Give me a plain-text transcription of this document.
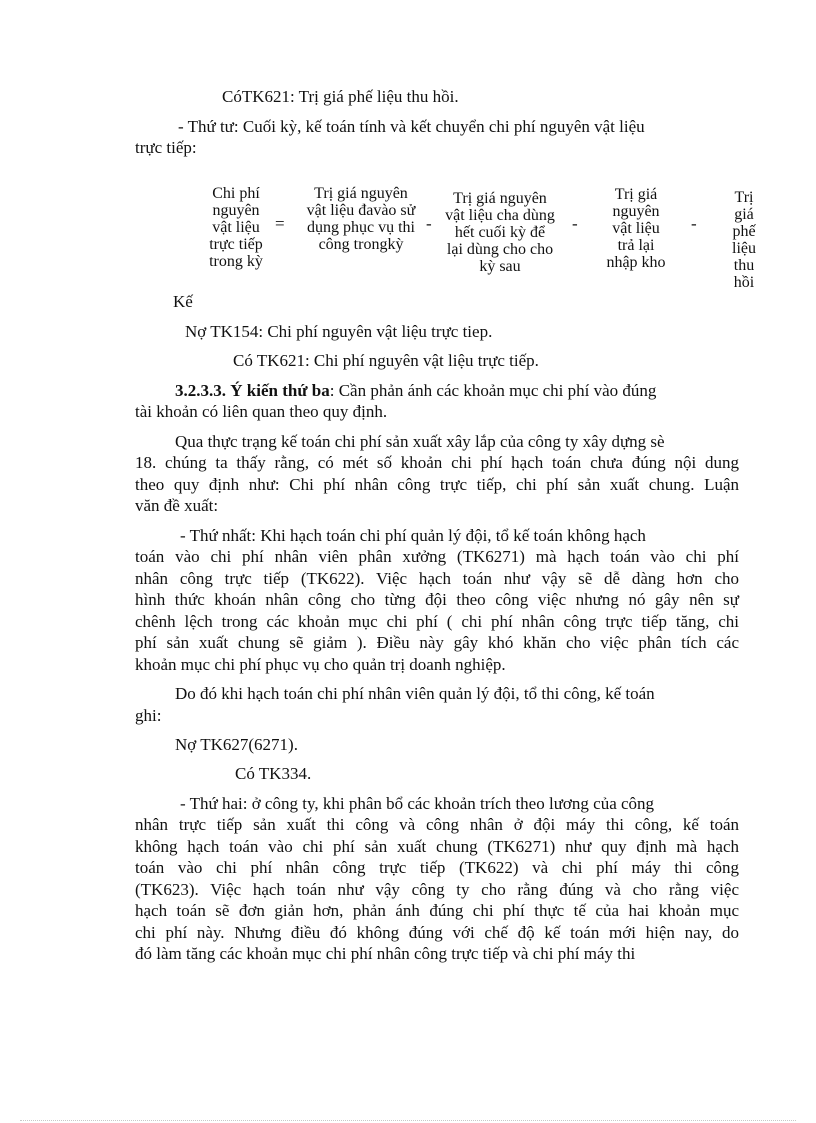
CóTK621: Trị giá phế liệu thu hồi.
- Thứ tư: Cuối kỳ, kế toán tính và kết chuyển chi phí nguyên vật liệu
trực tiếp:
Kế
Chi phí nguyên vật liệu trực tiếp trong kỳ
=
Trị giá nguyên vật liệu đavào sử dụng phục vụ thi công trongkỳ
-
Trị giá nguyên vật liệu cha dùng hết cuối kỳ để lại dùng cho cho kỳ sau
-
Trị giá nguyên vật liệu trả lại nhập kho
-
Trị giá phế liệu thu hồi
Nợ TK154: Chi phí nguyên vật liệu trực tiep.
Có TK621: Chi phí nguyên vật liệu trực tiếp.
3.2.3.3. Ý kiến thứ ba: Cần phản ánh các khoản mục chi phí vào đúng
tài khoản có liên quan theo quy định.
Qua thực trạng kế toán chi phí sản xuất xây lắp của công ty xây dựng sè
18. chúng ta thấy rằng, có mét số khoản chi phí hạch toán chưa đúng nội dung
theo quy định như: Chi phí nhân công trực tiếp, chi phí sản xuất chung. Luận
văn đề xuất:
- Thứ nhất: Khi hạch toán chi phí quản lý đội, tổ kế toán không hạch
toán vào chi phí nhân viên phân xưởng (TK6271) mà hạch toán vào chi phí
nhân công trực tiếp (TK622). Việc hạch toán như vậy sẽ dễ dàng hơn cho
hình thức khoán nhân công cho từng đội theo công việc nhưng nó gây nên sự
chênh lệch trong các khoản mục chi phí ( chi phí nhân công trực tiếp tăng, chi
phí sản xuất chung sẽ giảm ). Điều này gây khó khăn cho việc phân tích các
khoản mục chi phí phục vụ cho quản trị doanh nghiệp.
Do đó khi hạch toán chi phí nhân viên quản lý đội, tổ thi công, kế toán
ghi:
Nợ TK627(6271).
Có TK334.
- Thứ hai: ở công ty, khi phân bổ các khoản trích theo lương của công
nhân trực tiếp sản xuất thi công và công nhân ở đội máy thi công, kế toán
không hạch toán vào chi phí sản xuất chung (TK6271) như quy định mà hạch
toán vào chi phí nhân công trực tiếp (TK622) và chi phí máy thi công
(TK623). Việc hạch toán như vậy công ty cho rằng đúng và cho rằng việc
hạch toán sẽ đơn giản hơn, phản ánh đúng chi phí thực tế của hai khoản mục
chi phí này. Nhưng điều đó không đúng với chế độ kế toán mới hiện nay, do
đó làm tăng các khoản mục chi phí nhân công trực tiếp và chi phí máy thi
